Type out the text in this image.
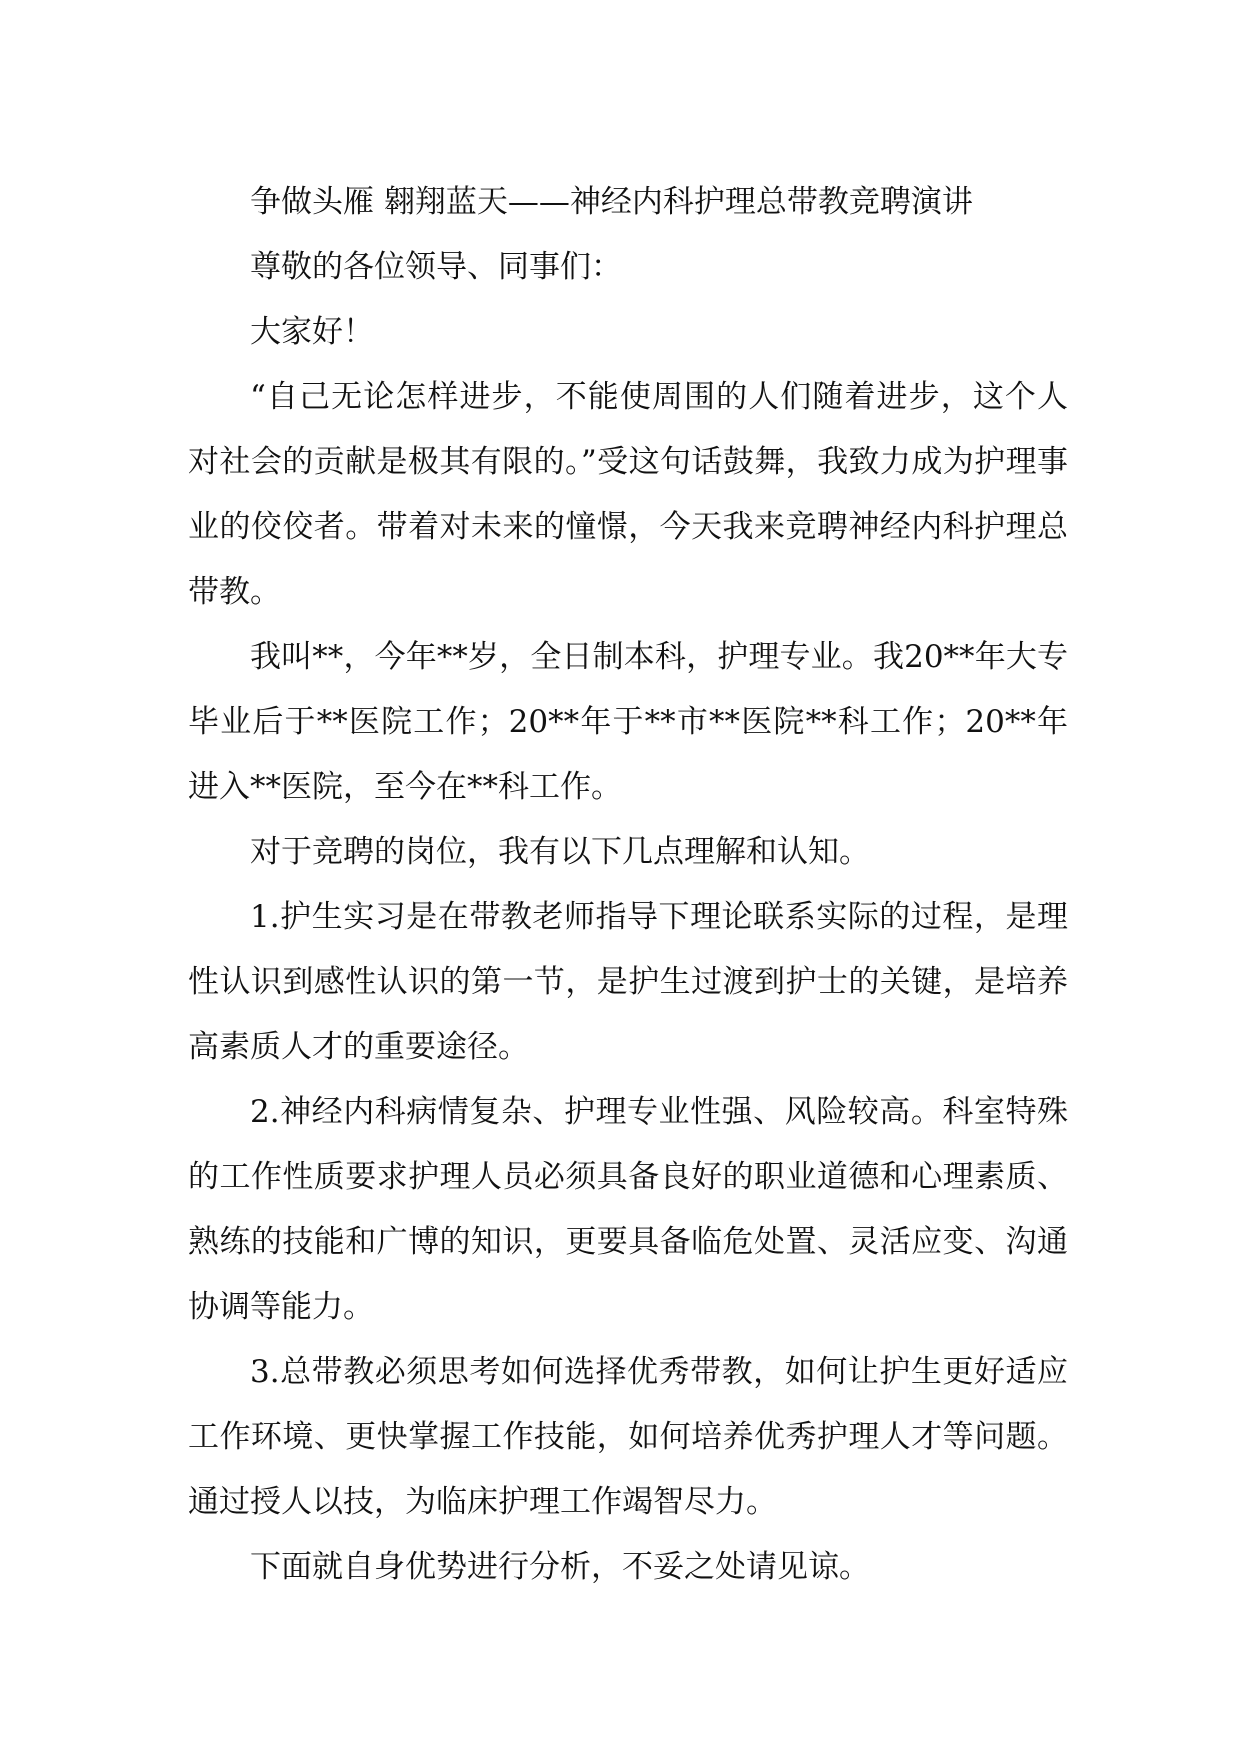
争做头雁 翱翔蓝天——神经内科护理总带教竞聘演讲

尊敬的各位领导、同事们：

大家好！

“自己无论怎样进步，不能使周围的人们随着进步，这个人对社会的贡献是极其有限的。”受这句话鼓舞，我致力成为护理事业的佼佼者。带着对未来的憧憬，今天我来竞聘神经内科护理总带教。

我叫**，今年**岁，全日制本科，护理专业。我20**年大专毕业后于**医院工作；20**年于**市**医院**科工作；20**年进入**医院，至今在**科工作。

对于竞聘的岗位，我有以下几点理解和认知。

1.护生实习是在带教老师指导下理论联系实际的过程，是理性认识到感性认识的第一节，是护生过渡到护士的关键，是培养高素质人才的重要途径。

2.神经内科病情复杂、护理专业性强、风险较高。科室特殊的工作性质要求护理人员必须具备良好的职业道德和心理素质、熟练的技能和广博的知识，更要具备临危处置、灵活应变、沟通协调等能力。

3.总带教必须思考如何选择优秀带教，如何让护生更好适应工作环境、更快掌握工作技能，如何培养优秀护理人才等问题。通过授人以技，为临床护理工作竭智尽力。

下面就自身优势进行分析，不妥之处请见谅。
